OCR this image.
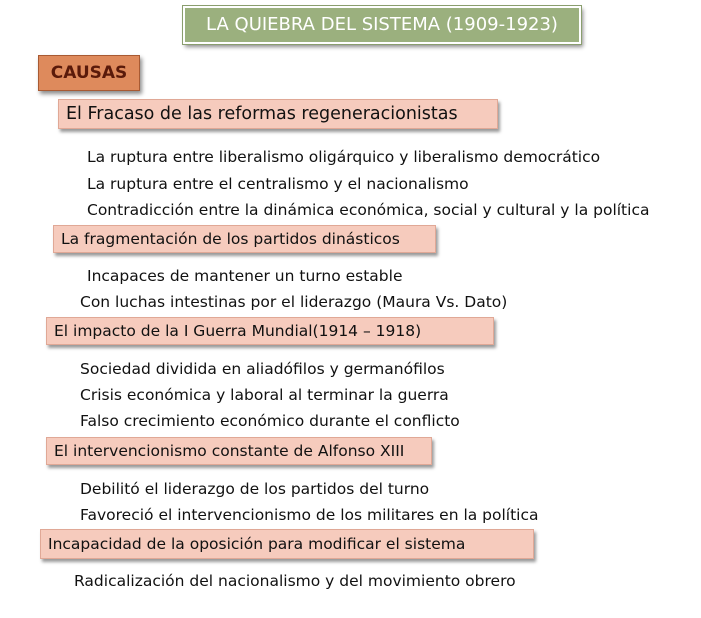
LA QUIEBRA DEL SISTEMA (1909-1923)
CAUSAS
El Fracaso de las reformas regeneracionistas
La ruptura entre liberalismo oligárquico y liberalismo democrático
La ruptura entre el centralismo y el nacionalismo
Contradicción entre la dinámica económica, social y cultural y la política
La fragmentación de los partidos dinásticos
Incapaces de mantener un turno estable
Con luchas intestinas por el liderazgo (Maura Vs. Dato)
El impacto de la I Guerra Mundial(1914 – 1918)
Sociedad dividida en aliadófilos y germanófilos
Crisis económica y laboral al terminar la guerra
Falso crecimiento económico durante el conflicto
El intervencionismo constante de Alfonso XIII
Debilitó el liderazgo de los partidos del turno
Favoreció el intervencionismo de los militares en la política
Incapacidad de la oposición para modificar el sistema
Radicalización del nacionalismo y del movimiento obrero
